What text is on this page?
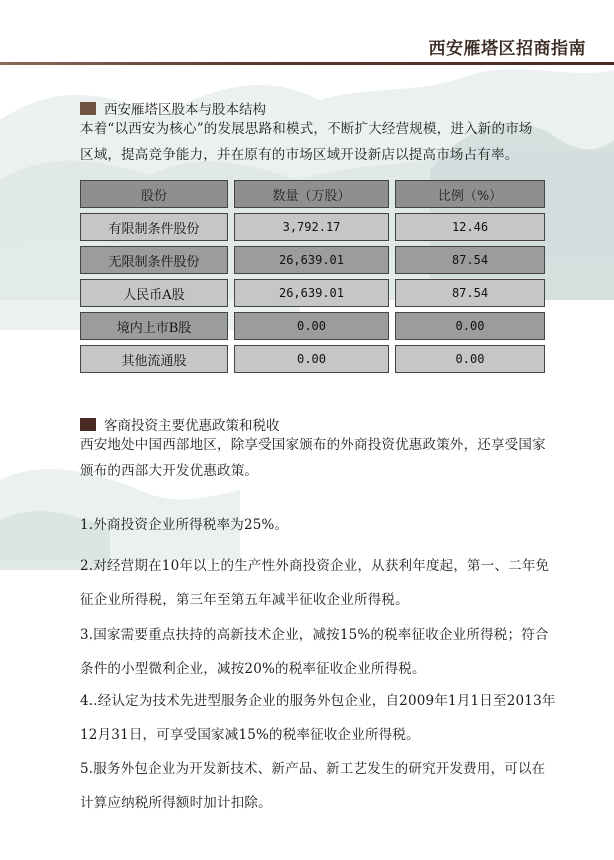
西安雁塔区招商指南
西安雁塔区股本与股本结构
本着“以西安为核心”的发展思路和模式，不断扩大经营规模，进入新的市场
区域，提高竞争能力，并在原有的市场区域开设新店以提高市场占有率。
股份	数量（万股）	比例（%）
有限制条件股份	3,792.17	12.46
无限制条件股份	26,639.01	87.54
人民币A股	26,639.01	87.54
境内上市B股	0.00	0.00
其他流通股	0.00	0.00
客商投资主要优惠政策和税收
西安地处中国西部地区，除享受国家颁布的外商投资优惠政策外，还享受国家
颁布的西部大开发优惠政策。
1.外商投资企业所得税率为25%。
2.对经营期在10年以上的生产性外商投资企业，从获利年度起，第一、二年免
征企业所得税，第三年至第五年减半征收企业所得税。
3.国家需要重点扶持的高新技术企业，减按15%的税率征收企业所得税；符合
条件的小型微利企业，减按20%的税率征收企业所得税。
4..经认定为技术先进型服务企业的服务外包企业，自2009年1月1日至2013年
12月31日，可享受国家减15%的税率征收企业所得税。
5.服务外包企业为开发新技术、新产品、新工艺发生的研究开发费用，可以在
计算应纳税所得额时加计扣除。
